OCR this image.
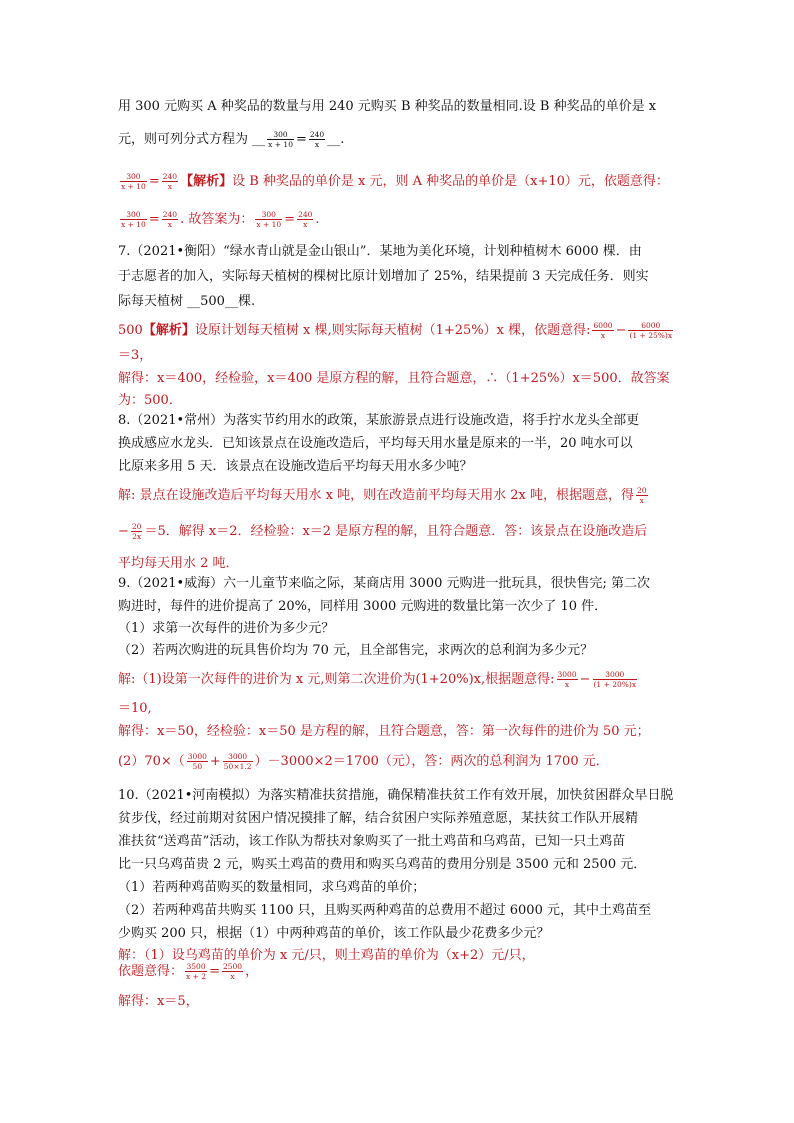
用 300 元购买 A 种奖品的数量与用 240 元购买 B 种奖品的数量相同.设 B 种奖品的单价是 x
元，则可列分式方程为 __ $\frac{300}{x + 10} = \frac{240}{x}$ __.
$\frac{300}{x + 10} = \frac{240}{x}$ 【解析】设 B 种奖品的单价是 x 元，则 A 种奖品的单价是（x+10）元，依题意得：
$\frac{300}{x + 10} = \frac{240}{x}$ . 故答案为： $\frac{300}{x + 10} = \frac{240}{x}$ .
7.（2021•衡阳）“绿水青山就是金山银山”．某地为美化环境，计划种植树木 6000 棵．由
于志愿者的加入，实际每天植树的棵树比原计划增加了 25%，结果提前 3 天完成任务．则实
际每天植树 __500__棵.
500【解析】设原计划每天植树 x 棵,则实际每天植树（1+25%）x 棵，依题意得: $\frac{6000}{x} - \frac{6000}{(1 + 25\%)x}$
＝3，
解得：x＝400，经检验，x＝400 是原方程的解，且符合题意，∴（1+25%）x＝500．故答案
为：500．
8.（2021•常州）为落实节约用水的政策，某旅游景点进行设施改造，将手拧水龙头全部更
换成感应水龙头．已知该景点在设施改造后，平均每天用水量是原来的一半，20 吨水可以
比原来多用 5 天．该景点在设施改造后平均每天用水多少吨？
解: 景点在设施改造后平均每天用水 x 吨，则在改造前平均每天用水 2x 吨，根据题意，得 $\frac{20}{x}$
− $\frac{20}{2x} =5$．解得 x＝2．经检验：x＝2 是原方程的解，且符合题意．答：该景点在设施改造后
平均每天用水 2 吨．
9.（2021•威海）六一儿童节来临之际，某商店用 3000 元购进一批玩具，很快售完; 第二次
购进时，每件的进价提高了 20%，同样用 3000 元购进的数量比第一次少了 10 件．
（1）求第一次每件的进价为多少元？
（2）若两次购进的玩具售价均为 70 元，且全部售完，求两次的总利润为多少元？
解:（1)设第一次每件的进价为 x 元,则第二次进价为(1+20%)x,根据题意得: $\frac{3000}{x} - \frac{3000}{(1 + 20\%)x}$
＝10,
解得：x＝50，经检验：x＝50 是方程的解，且符合题意，答：第一次每件的进价为 50 元；
$(2)70\times( \frac{3000}{50} + \frac{3000}{50\times 1.2} )-3000\times 2=1700$（元），答：两次的总利润为 1700 元．
10.（2021•河南模拟）为落实精准扶贫措施，确保精准扶贫工作有效开展，加快贫困群众早日脱
贫步伐，经过前期对贫困户情况摸排了解，结合贫困户实际养殖意愿，某扶贫工作队开展精
准扶贫“送鸡苗”活动，该工作队为帮扶对象购买了一批土鸡苗和乌鸡苗，已知一只土鸡苗
比一只乌鸡苗贵 2 元，购买土鸡苗的费用和购买乌鸡苗的费用分别是 3500 元和 2500 元．
（1）若两种鸡苗购买的数量相同，求乌鸡苗的单价；
（2）若两种鸡苗共购买 1100 只，且购买两种鸡苗的总费用不超过 6000 元，其中土鸡苗至
少购买 200 只，根据（1）中两种鸡苗的单价，该工作队最少花费多少元？
解：（1）设乌鸡苗的单价为 x 元/只，则土鸡苗的单价为（x+2）元/只，
依题意得： $\frac{3500}{x + 2} = \frac{2500}{x}$ ，
解得：x＝5，
